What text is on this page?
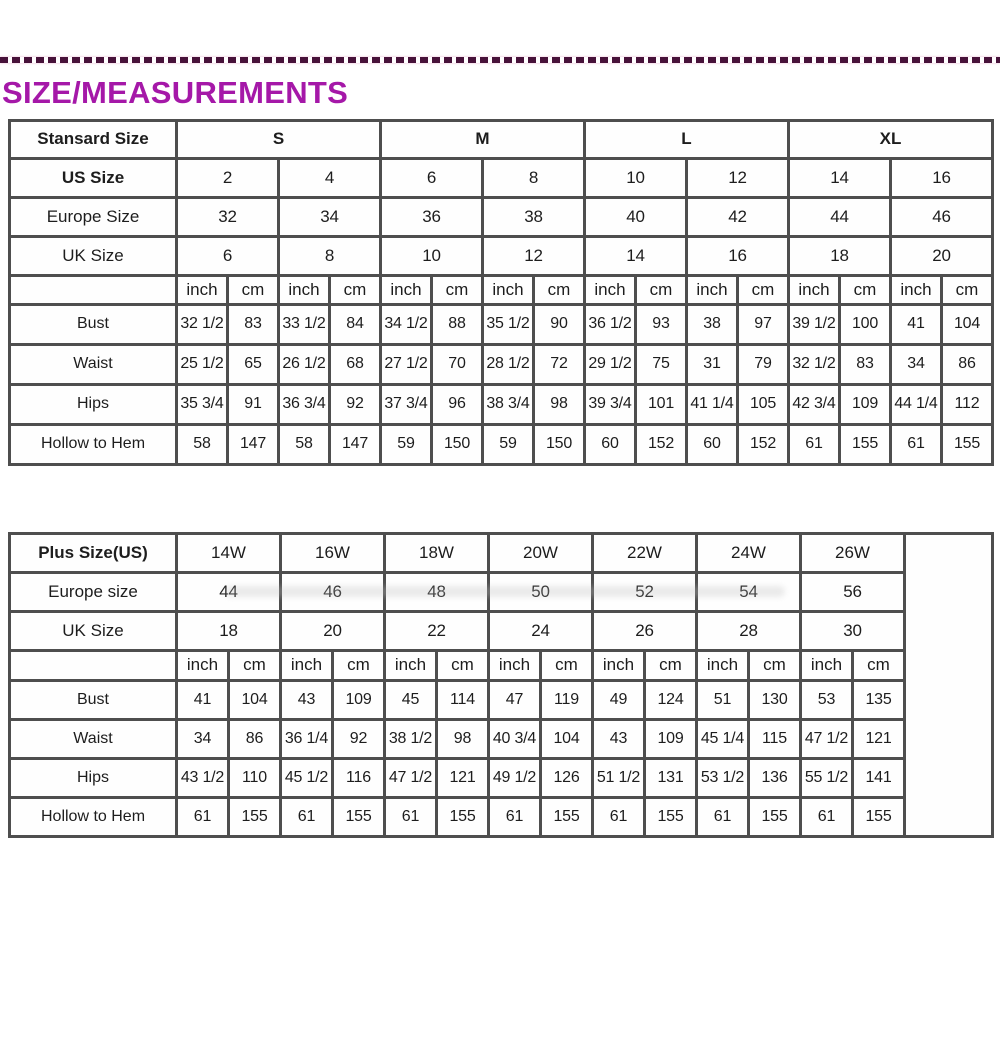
SIZE/MEASUREMENTS
Stansard Size	S				M				L				XL			
US Size	2		4		6		8		10		12		14		16	
Europe Size	32		34		36		38		40		42		44		46	
UK Size	6		8		10		12		14		16		18		20	
	inch	cm	inch	cm	inch	cm	inch	cm	inch	cm	inch	cm	inch	cm	inch	cm
Bust	32 1/2	83	33 1/2	84	34 1/2	88	35 1/2	90	36 1/2	93	38	97	39 1/2	100	41	104
Waist	25 1/2	65	26 1/2	68	27 1/2	70	28 1/2	72	29 1/2	75	31	79	32 1/2	83	34	86
Hips	35 3/4	91	36 3/4	92	37 3/4	96	38 3/4	98	39 3/4	101	41 1/4	105	42 3/4	109	44 1/4	112
Hollow to Hem	58	147	58	147	59	150	59	150	60	152	60	152	61	155	61	155
Plus Size(US)	14W		16W		18W		20W		22W		24W		26W		
Europe size	44		46		48		50		52		54		56		
UK Size	18		20		22		24		26		28		30		
	inch	cm	inch	cm	inch	cm	inch	cm	inch	cm	inch	cm	inch	cm	
Bust	41	104	43	109	45	114	47	119	49	124	51	130	53	135	
Waist	34	86	36 1/4	92	38 1/2	98	40 3/4	104	43	109	45 1/4	115	47 1/2	121	
Hips	43 1/2	110	45 1/2	116	47 1/2	121	49 1/2	126	51 1/2	131	53 1/2	136	55 1/2	141	
Hollow to Hem	61	155	61	155	61	155	61	155	61	155	61	155	61	155	
